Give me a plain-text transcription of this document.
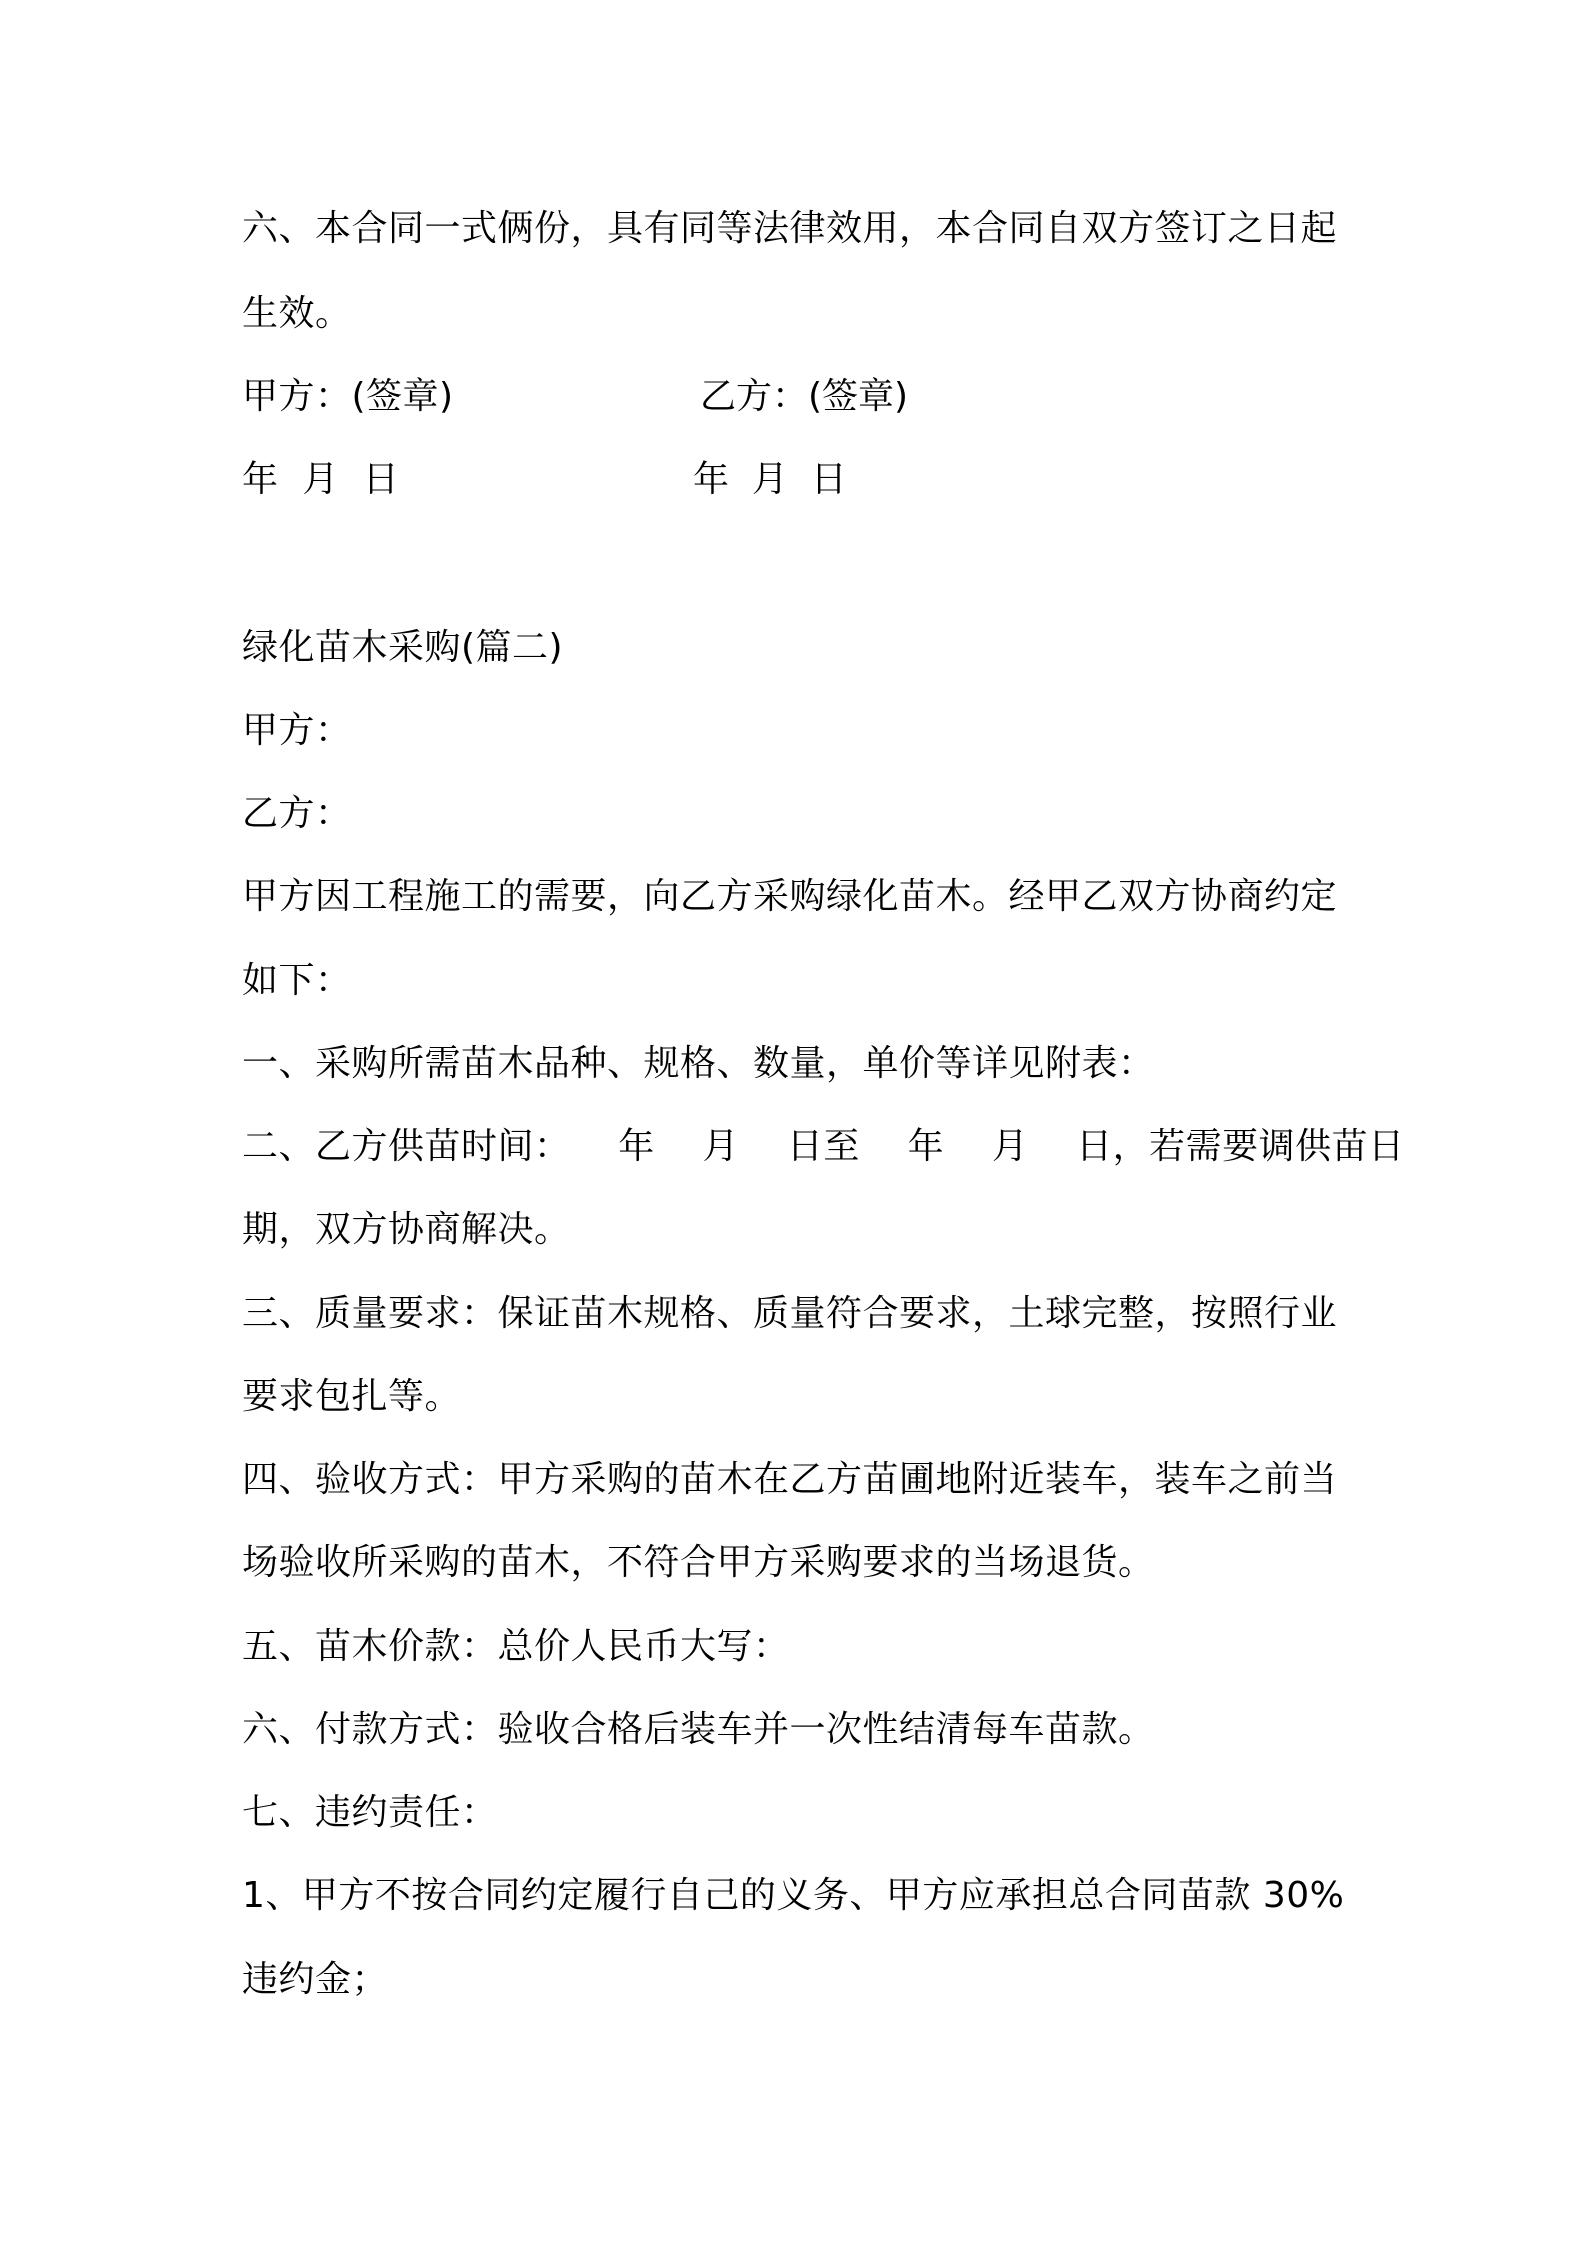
六、本合同一式俩份，具有同等法律效用，本合同自双方签订之日起
生效。
甲方：(签章)	乙方：(签章)
年  月  日	年  月  日
绿化苗木采购(篇二)
甲方：
乙方：
甲方因工程施工的需要，向乙方采购绿化苗木。经甲乙双方协商约定
如下：
一、采购所需苗木品种、规格、数量，单价等详见附表：
二、乙方供苗时间：    年    月    日至    年    月    日，若需要调供苗日
期，双方协商解决。
三、质量要求：保证苗木规格、质量符合要求，土球完整，按照行业
要求包扎等。
四、验收方式：甲方采购的苗木在乙方苗圃地附近装车，装车之前当
场验收所采购的苗木，不符合甲方采购要求的当场退货。
五、苗木价款：总价人民币大写：
六、付款方式：验收合格后装车并一次性结清每车苗款。
七、违约责任：
1、甲方不按合同约定履行自己的义务、甲方应承担总合同苗款 30%
违约金；
